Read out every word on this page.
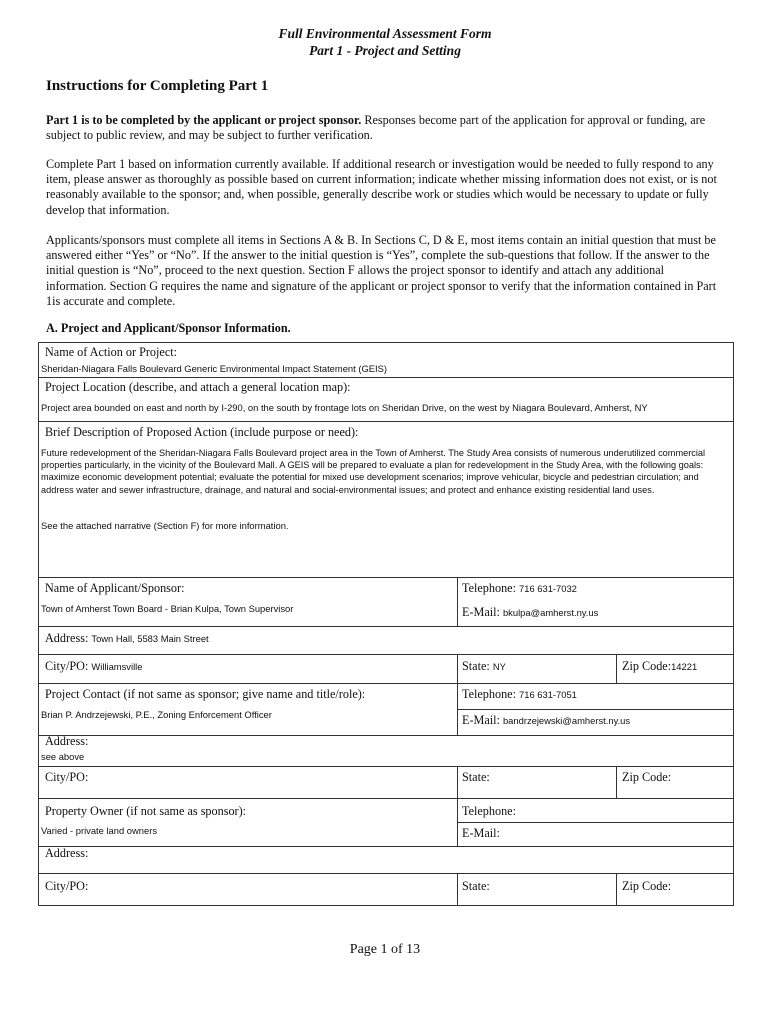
Full Environmental Assessment Form
Part 1 - Project and Setting
Instructions for Completing Part 1
Part 1 is to be completed by the applicant or project sponsor. Responses become part of the application for approval or funding, are subject to public review, and may be subject to further verification.
Complete Part 1 based on information currently available. If additional research or investigation would be needed to fully respond to any item, please answer as thoroughly as possible based on current information; indicate whether missing information does not exist, or is not reasonably available to the sponsor; and, when possible, generally describe work or studies which would be necessary to update or fully develop that information.
Applicants/sponsors must complete all items in Sections A & B. In Sections C, D & E, most items contain an initial question that must be answered either “Yes” or “No”. If the answer to the initial question is “Yes”, complete the sub-questions that follow. If the answer to the initial question is “No”, proceed to the next question. Section F allows the project sponsor to identify and attach any additional information. Section G requires the name and signature of the applicant or project sponsor to verify that the information contained in Part 1is accurate and complete.
A. Project and Applicant/Sponsor Information.
Name of Action or Project:
Sheridan-Niagara Falls Boulevard Generic Environmental Impact Statement (GEIS)
Project Location (describe, and attach a general location map):
Project area bounded on east and north by I-290, on the south by frontage lots on Sheridan Drive, on the west by Niagara Boulevard, Amherst, NY
Brief Description of Proposed Action (include purpose or need):
Future redevelopment of the Sheridan-Niagara Falls Boulevard project area in the Town of Amherst. The Study Area consists of numerous underutilized commercial properties particularly, in the vicinity of the Boulevard Mall. A GEIS will be prepared to evaluate a plan for redevelopment in the Study Area, with the following goals: maximize economic development potential; evaluate the potential for mixed use development scenarios; improve vehicular, bicycle and pedestrian circulation; and address water and sewer infrastructure, drainage, and natural and social-environmental issues; and protect and enhance existing residential land uses.
See the attached narrative (Section F) for more information.
Name of Applicant/Sponsor:
Town of Amherst Town Board - Brian Kulpa, Town Supervisor
Telephone: 716 631-7032
E-Mail: bkulpa@amherst.ny.us
Address: Town Hall, 5583 Main Street
City/PO: Williamsville	State: NY	Zip Code:14221
Project Contact (if not same as sponsor; give name and title/role):
Brian P. Andrzejewski, P.E., Zoning Enforcement Officer
Telephone: 716 631-7051
E-Mail: bandrzejewski@amherst.ny.us
Address:
see above
City/PO:	State:	Zip Code:
Property Owner (if not same as sponsor):
Varied - private land owners
Telephone:
E-Mail:
Address:
City/PO:	State:	Zip Code:
Page 1 of 13
